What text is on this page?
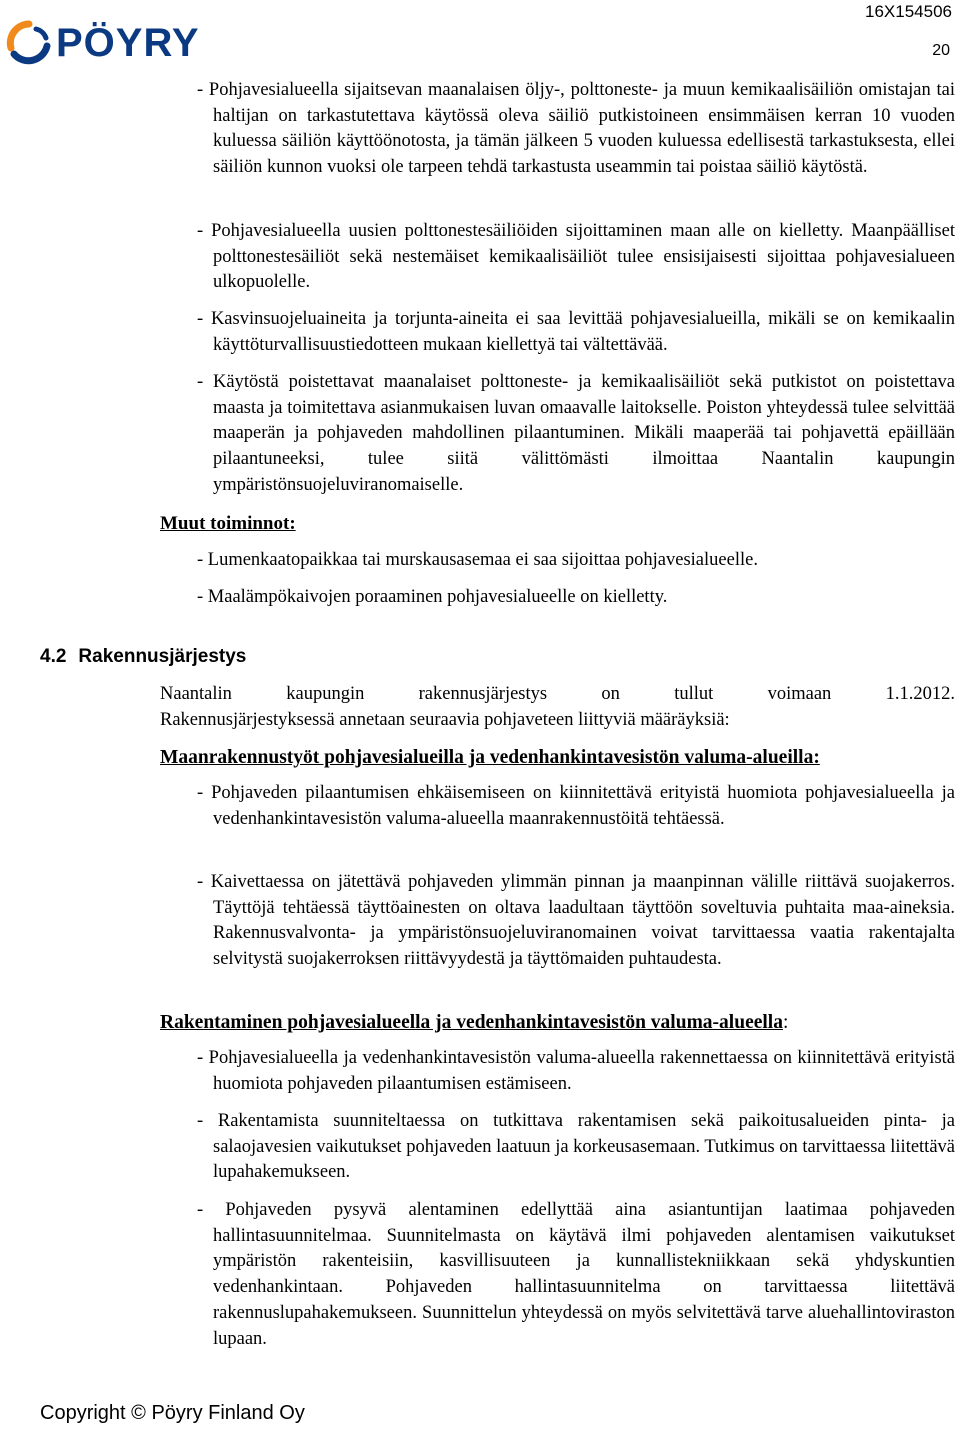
PÖYRY
16X154506
20
- Pohjavesialueella sijaitsevan maanalaisen öljy-, polttoneste- ja muun kemikaalisäiliön omistajan tai haltijan on tarkastutettava käytössä oleva säiliö putkistoineen ensimmäisen kerran 10 vuoden kuluessa säiliön käyttöönotosta, ja tämän jälkeen 5 vuoden kuluessa edellisestä tarkastuksesta, ellei säiliön kunnon vuoksi ole tarpeen tehdä tarkastusta useammin tai poistaa säiliö käytöstä.
- Pohjavesialueella uusien polttonestesäiliöiden sijoittaminen maan alle on kielletty. Maanpäälliset polttonestesäiliöt sekä nestemäiset kemikaalisäiliöt tulee ensisijaisesti sijoittaa pohjavesialueen ulkopuolelle.
- Kasvinsuojeluaineita ja torjunta-aineita ei saa levittää pohjavesialueilla, mikäli se on kemikaalin käyttöturvallisuustiedotteen mukaan kiellettyä tai vältettävää.
- Käytöstä poistettavat maanalaiset polttoneste- ja kemikaalisäiliöt sekä putkistot on poistettava maasta ja toimitettava asianmukaisen luvan omaavalle laitokselle. Poiston yhteydessä tulee selvittää maaperän ja pohjaveden mahdollinen pilaantuminen. Mikäli maaperää tai pohjavettä epäillään pilaantuneeksi, tulee siitä välittömästi ilmoittaa Naantalin kaupungin ympäristönsuojeluviranomaiselle.
Muut toiminnot:
- Lumenkaatopaikkaa tai murskausasemaa ei saa sijoittaa pohjavesialueelle.
- Maalämpökaivojen poraaminen pohjavesialueelle on kielletty.
4.2 Rakennusjärjestys
Naantalin kaupungin rakennusjärjestys on tullut voimaan 1.1.2012.
Rakennusjärjestyksessä annetaan seuraavia pohjaveteen liittyviä määräyksiä:
Maanrakennustyöt pohjavesialueilla ja vedenhankintavesistön valuma-alueilla:
- Pohjaveden pilaantumisen ehkäisemiseen on kiinnitettävä erityistä huomiota pohjavesialueella ja vedenhankintavesistön valuma-alueella maanrakennustöitä tehtäessä.
- Kaivettaessa on jätettävä pohjaveden ylimmän pinnan ja maanpinnan välille riittävä suojakerros. Täyttöjä tehtäessä täyttöainesten on oltava laadultaan täyttöön soveltuvia puhtaita maa-aineksia. Rakennusvalvonta- ja ympäristönsuojeluviranomainen voivat tarvittaessa vaatia rakentajalta selvitystä suojakerroksen riittävyydestä ja täyttömaiden puhtaudesta.
Rakentaminen pohjavesialueella ja vedenhankintavesistön valuma-alueella:
- Pohjavesialueella ja vedenhankintavesistön valuma-alueella rakennettaessa on kiinnitettävä erityistä huomiota pohjaveden pilaantumisen estämiseen.
- Rakentamista suunniteltaessa on tutkittava rakentamisen sekä paikoitusalueiden pinta- ja salaojavesien vaikutukset pohjaveden laatuun ja korkeusasemaan. Tutkimus on tarvittaessa liitettävä lupahakemukseen.
- Pohjaveden pysyvä alentaminen edellyttää aina asiantuntijan laatimaa pohjaveden hallintasuunnitelmaa. Suunnitelmasta on käytävä ilmi pohjaveden alentamisen vaikutukset ympäristön rakenteisiin, kasvillisuuteen ja kunnallistekniikkaan sekä yhdyskuntien vedenhankintaan. Pohjaveden hallintasuunnitelma on tarvittaessa liitettävä rakennuslupahakemukseen. Suunnittelun yhteydessä on myös selvitettävä tarve aluehallintoviraston lupaan.
Copyright © Pöyry Finland Oy
